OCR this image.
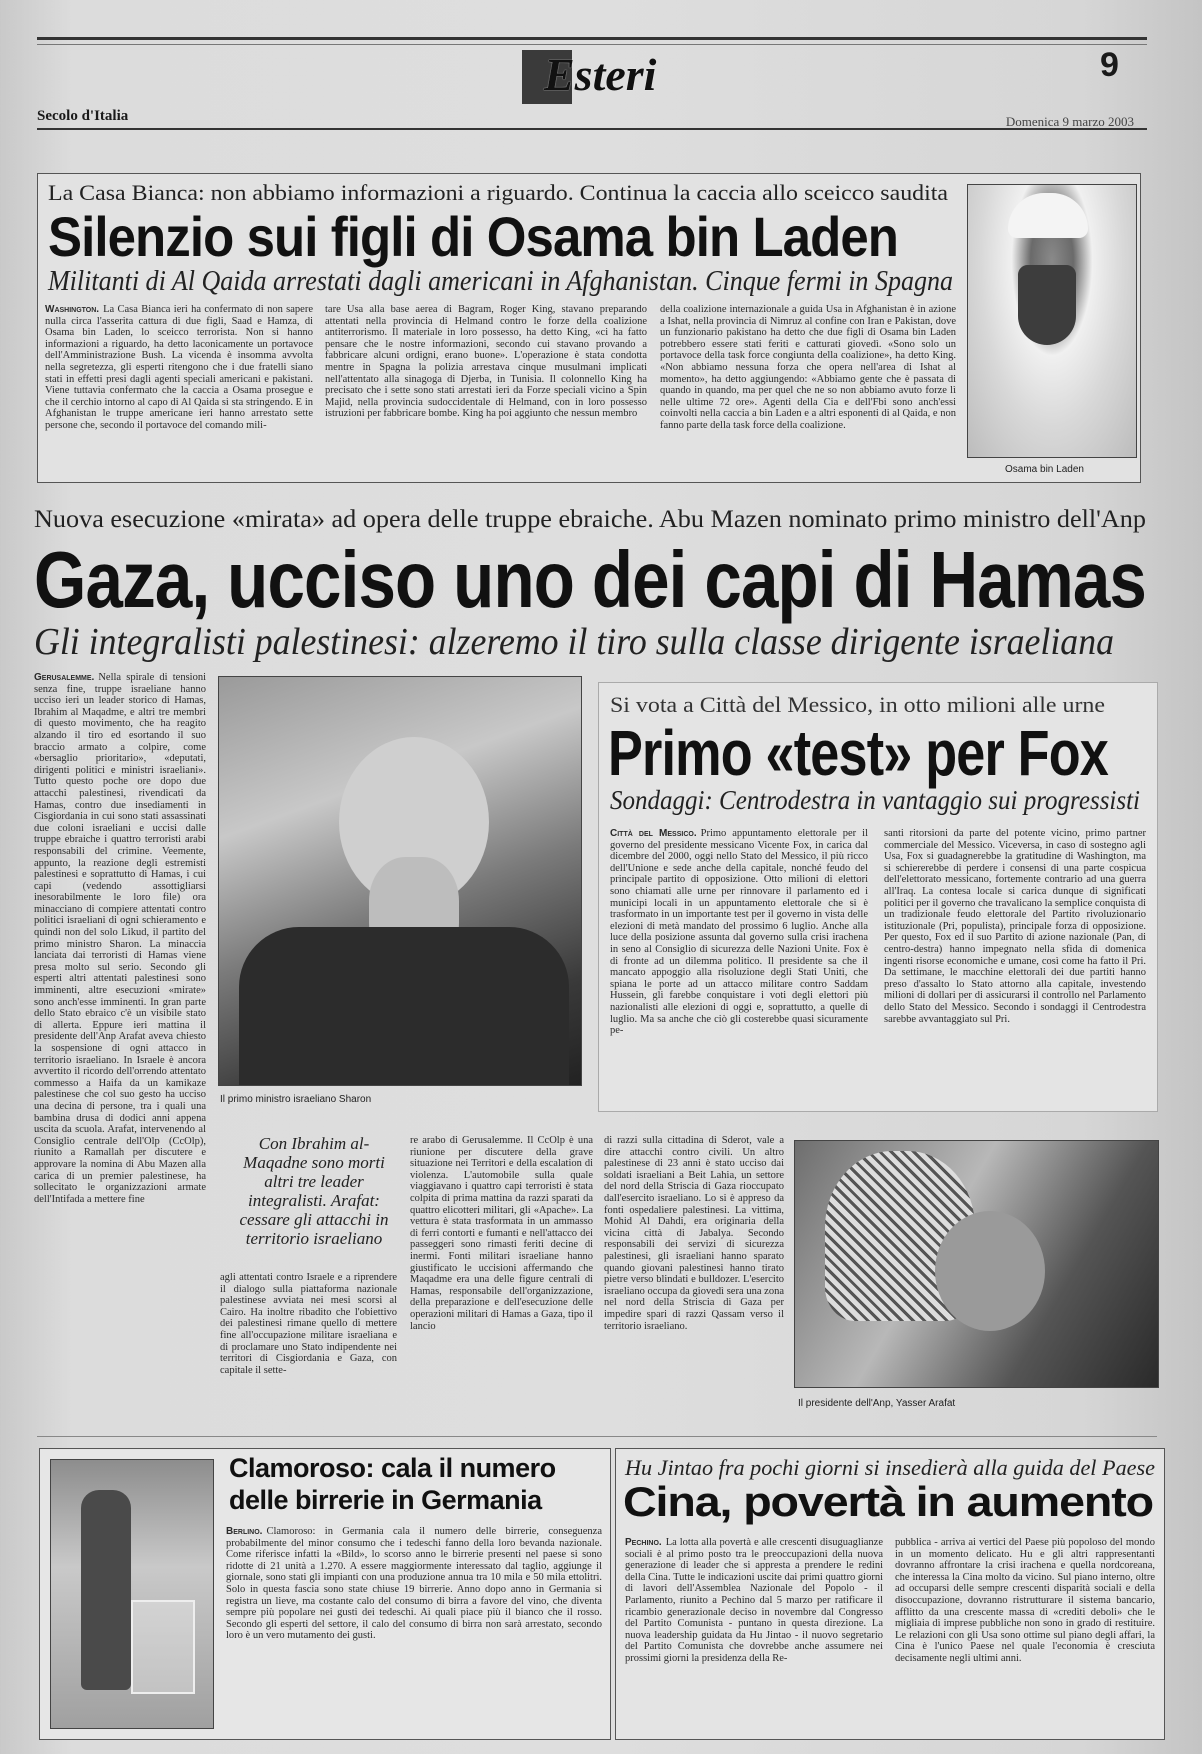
Esteri	9
Secolo d'Italia	Domenica 9 marzo 2003
La Casa Bianca: non abbiamo informazioni a riguardo. Continua la caccia allo sceicco saudita
Silenzio sui figli di Osama bin Laden
Militanti di Al Qaida arrestati dagli americani in Afghanistan. Cinque fermi in Spagna
Washington. La Casa Bianca ieri ha confermato di non sapere nulla circa l'asserita cattura di due figli, Saad e Hamza, di Osama bin Laden, lo sceicco terrorista. Non si hanno informazioni a riguardo, ha detto laconicamente un portavoce dell'Amministrazione Bush. La vicenda è insomma avvolta nella segretezza, gli esperti ritengono che i due fratelli siano stati in effetti presi dagli agenti speciali americani e pakistani. Viene tuttavia confermato che la caccia a Osama prosegue e che il cerchio intorno al capo di Al Qaida si sta stringendo. E in Afghanistan le truppe americane ieri hanno arrestato sette persone che, secondo il portavoce del comando mili-
tare Usa alla base aerea di Bagram, Roger King, stavano preparando attentati nella provincia di Helmand contro le forze della coalizione antiterrorismo. Il materiale in loro possesso, ha detto King, «ci ha fatto pensare che le nostre informazioni, secondo cui stavano provando a fabbricare alcuni ordigni, erano buone». L'operazione è stata condotta mentre in Spagna la polizia arrestava cinque musulmani implicati nell'attentato alla sinagoga di Djerba, in Tunisia. Il colonnello King ha precisato che i sette sono stati arrestati ieri da Forze speciali vicino a Spin Majid, nella provincia sudoccidentale di Helmand, con in loro possesso istruzioni per fabbricare bombe. King ha poi aggiunto che nessun membro
della coalizione internazionale a guida Usa in Afghanistan è in azione a Ishat, nella provincia di Nimruz al confine con Iran e Pakistan, dove un funzionario pakistano ha detto che due figli di Osama bin Laden potrebbero essere stati feriti e catturati giovedì. «Sono solo un portavoce della task force congiunta della coalizione», ha detto King. «Non abbiamo nessuna forza che opera nell'area di Ishat al momento», ha detto aggiungendo: «Abbiamo gente che è passata di quando in quando, ma per quel che ne so non abbiamo avuto forze lì nelle ultime 72 ore». Agenti della Cia e dell'Fbi sono anch'essi coinvolti nella caccia a bin Laden e a altri esponenti di al Qaida, e non fanno parte della task force della coalizione.
Osama bin Laden
Nuova esecuzione «mirata» ad opera delle truppe ebraiche. Abu Mazen nominato primo ministro dell'Anp
Gaza, ucciso uno dei capi di Hamas
Gli integralisti palestinesi: alzeremo il tiro sulla classe dirigente israeliana
Gerusalemme. Nella spirale di tensioni senza fine, truppe israeliane hanno ucciso ieri un leader storico di Hamas, Ibrahim al Maqadme, e altri tre membri di questo movimento, che ha reagito alzando il tiro ed esortando il suo braccio armato a colpire, come «bersaglio prioritario», «deputati, dirigenti politici e ministri israeliani». Tutto questo poche ore dopo due attacchi palestinesi, rivendicati da Hamas, contro due insediamenti in Cisgiordania in cui sono stati assassinati due coloni israeliani e uccisi dalle truppe ebraiche i quattro terroristi arabi responsabili del crimine. Veemente, appunto, la reazione degli estremisti palestinesi e soprattutto di Hamas, i cui capi (vedendo assottigliarsi inesorabilmente le loro file) ora minacciano di compiere attentati contro politici israeliani di ogni schieramento e quindi non del solo Likud, il partito del primo ministro Sharon. La minaccia lanciata dai terroristi di Hamas viene presa molto sul serio. Secondo gli esperti altri attentati palestinesi sono imminenti, altre esecuzioni «mirate» sono anch'esse imminenti. In gran parte dello Stato ebraico c'è un visibile stato di allerta. Eppure ieri mattina il presidente dell'Anp Arafat aveva chiesto la sospensione di ogni attacco in territorio israeliano. In Israele è ancora avvertito il ricordo dell'orrendo attentato commesso a Haifa da un kamikaze palestinese che col suo gesto ha ucciso una decina di persone, tra i quali una bambina drusa di dodici anni appena uscita da scuola. Arafat, intervenendo al Consiglio centrale dell'Olp (CcOlp), riunito a Ramallah per discutere e approvare la nomina di Abu Mazen alla carica di un premier palestinese, ha sollecitato le organizzazioni armate dell'Intifada a mettere fine
Il primo ministro israeliano Sharon
Con Ibrahim al-Maqadne sono morti altri tre leader integralisti. Arafat: cessare gli attacchi in territorio israeliano
agli attentati contro Israele e a riprendere il dialogo sulla piattaforma nazionale palestinese avviata nei mesi scorsi al Cairo. Ha inoltre ribadito che l'obiettivo dei palestinesi rimane quello di mettere fine all'occupazione militare israeliana e di proclamare uno Stato indipendente nei territori di Cisgiordania e Gaza, con capitale il sette-
re arabo di Gerusalemme. Il CcOlp è una riunione per discutere della grave situazione nei Territori e della escalation di violenza. L'automobile sulla quale viaggiavano i quattro capi terroristi è stata colpita di prima mattina da razzi sparati da quattro elicotteri militari, gli «Apache». La vettura è stata trasformata in un ammasso di ferri contorti e fumanti e nell'attacco dei passeggeri sono rimasti feriti decine di inermi. Fonti militari israeliane hanno giustificato le uccisioni affermando che Maqadme era una delle figure centrali di Hamas, responsabile dell'organizzazione, della preparazione e dell'esecuzione delle operazioni militari di Hamas a Gaza, tipo il lancio
di razzi sulla cittadina di Sderot, vale a dire attacchi contro civili. Un altro palestinese di 23 anni è stato ucciso dai soldati israeliani a Beit Lahia, un settore del nord della Striscia di Gaza rioccupato dall'esercito israeliano. Lo si è appreso da fonti ospedaliere palestinesi. La vittima, Mohid Al Dahdi, era originaria della vicina città di Jabalya. Secondo responsabili dei servizi di sicurezza palestinesi, gli israeliani hanno sparato quando giovani palestinesi hanno tirato pietre verso blindati e bulldozer. L'esercito israeliano occupa da giovedì sera una zona nel nord della Striscia di Gaza per impedire spari di razzi Qassam verso il territorio israeliano.
Il presidente dell'Anp, Yasser Arafat
Si vota a Città del Messico, in otto milioni alle urne
Primo «test» per Fox
Sondaggi: Centrodestra in vantaggio sui progressisti
Città del Messico. Primo appuntamento elettorale per il governo del presidente messicano Vicente Fox, in carica dal dicembre del 2000, oggi nello Stato del Messico, il più ricco dell'Unione e sede anche della capitale, nonché feudo del principale partito di opposizione. Otto milioni di elettori sono chiamati alle urne per rinnovare il parlamento ed i municipi locali in un appuntamento elettorale che si è trasformato in un importante test per il governo in vista delle elezioni di metà mandato del prossimo 6 luglio. Anche alla luce della posizione assunta dal governo sulla crisi irachena in seno al Consiglio di sicurezza delle Nazioni Unite. Fox è di fronte ad un dilemma politico. Il presidente sa che il mancato appoggio alla risoluzione degli Stati Uniti, che spiana le porte ad un attacco militare contro Saddam Hussein, gli farebbe conquistare i voti degli elettori più nazionalisti alle elezioni di oggi e, soprattutto, a quelle di luglio. Ma sa anche che ciò gli costerebbe quasi sicuramente pe-
santi ritorsioni da parte del potente vicino, primo partner commerciale del Messico. Viceversa, in caso di sostegno agli Usa, Fox si guadagnerebbe la gratitudine di Washington, ma si schiererebbe di perdere i consensi di una parte cospicua dell'elettorato messicano, fortemente contrario ad una guerra all'Iraq. La contesa locale si carica dunque di significati politici per il governo che travalicano la semplice conquista di un tradizionale feudo elettorale del Partito rivoluzionario istituzionale (Pri, populista), principale forza di opposizione. Per questo, Fox ed il suo Partito di azione nazionale (Pan, di centro-destra) hanno impegnato nella sfida di domenica ingenti risorse economiche e umane, così come ha fatto il Pri. Da settimane, le macchine elettorali dei due partiti hanno preso d'assalto lo Stato attorno alla capitale, investendo milioni di dollari per di assicurarsi il controllo nel Parlamento dello Stato del Messico. Secondo i sondaggi il Centrodestra sarebbe avvantaggiato sul Pri.
Clamoroso: cala il numero delle birrerie in Germania
Berlino. Clamoroso: in Germania cala il numero delle birrerie, conseguenza probabilmente del minor consumo che i tedeschi fanno della loro bevanda nazionale. Come riferisce infatti la «Bild», lo scorso anno le birrerie presenti nel paese si sono ridotte di 21 unità a 1.270. A essere maggiormente interessato dal taglio, aggiunge il giornale, sono stati gli impianti con una produzione annua tra 10 mila e 50 mila ettolitri. Solo in questa fascia sono state chiuse 19 birrerie. Anno dopo anno in Germania si registra un lieve, ma costante calo del consumo di birra a favore del vino, che diventa sempre più popolare nei gusti dei tedeschi. Ai quali piace più il bianco che il rosso. Secondo gli esperti del settore, il calo del consumo di birra non sarà arrestato, secondo loro è un vero mutamento dei gusti.
Hu Jintao fra pochi giorni si insedierà alla guida del Paese
Cina, povertà in aumento
Pechino. La lotta alla povertà e alle crescenti disuguaglianze sociali è al primo posto tra le preoccupazioni della nuova generazione di leader che si appresta a prendere le redini della Cina. Tutte le indicazioni uscite dai primi quattro giorni di lavori dell'Assemblea Nazionale del Popolo - il Parlamento, riunito a Pechino dal 5 marzo per ratificare il ricambio generazionale deciso in novembre dal Congresso del Partito Comunista - puntano in questa direzione. La nuova leadership guidata da Hu Jintao - il nuovo segretario del Partito Comunista che dovrebbe anche assumere nei prossimi giorni la presidenza della Re-
pubblica - arriva ai vertici del Paese più popoloso del mondo in un momento delicato. Hu e gli altri rappresentanti dovranno affrontare la crisi irachena e quella nordcoreana, che interessa la Cina molto da vicino. Sul piano interno, oltre ad occuparsi delle sempre crescenti disparità sociali e della disoccupazione, dovranno ristrutturare il sistema bancario, afflitto da una crescente massa di «crediti deboli» che le migliaia di imprese pubbliche non sono in grado di restituire. Le relazioni con gli Usa sono ottime sul piano degli affari, la Cina è l'unico Paese nel quale l'economia è cresciuta decisamente negli ultimi anni.
